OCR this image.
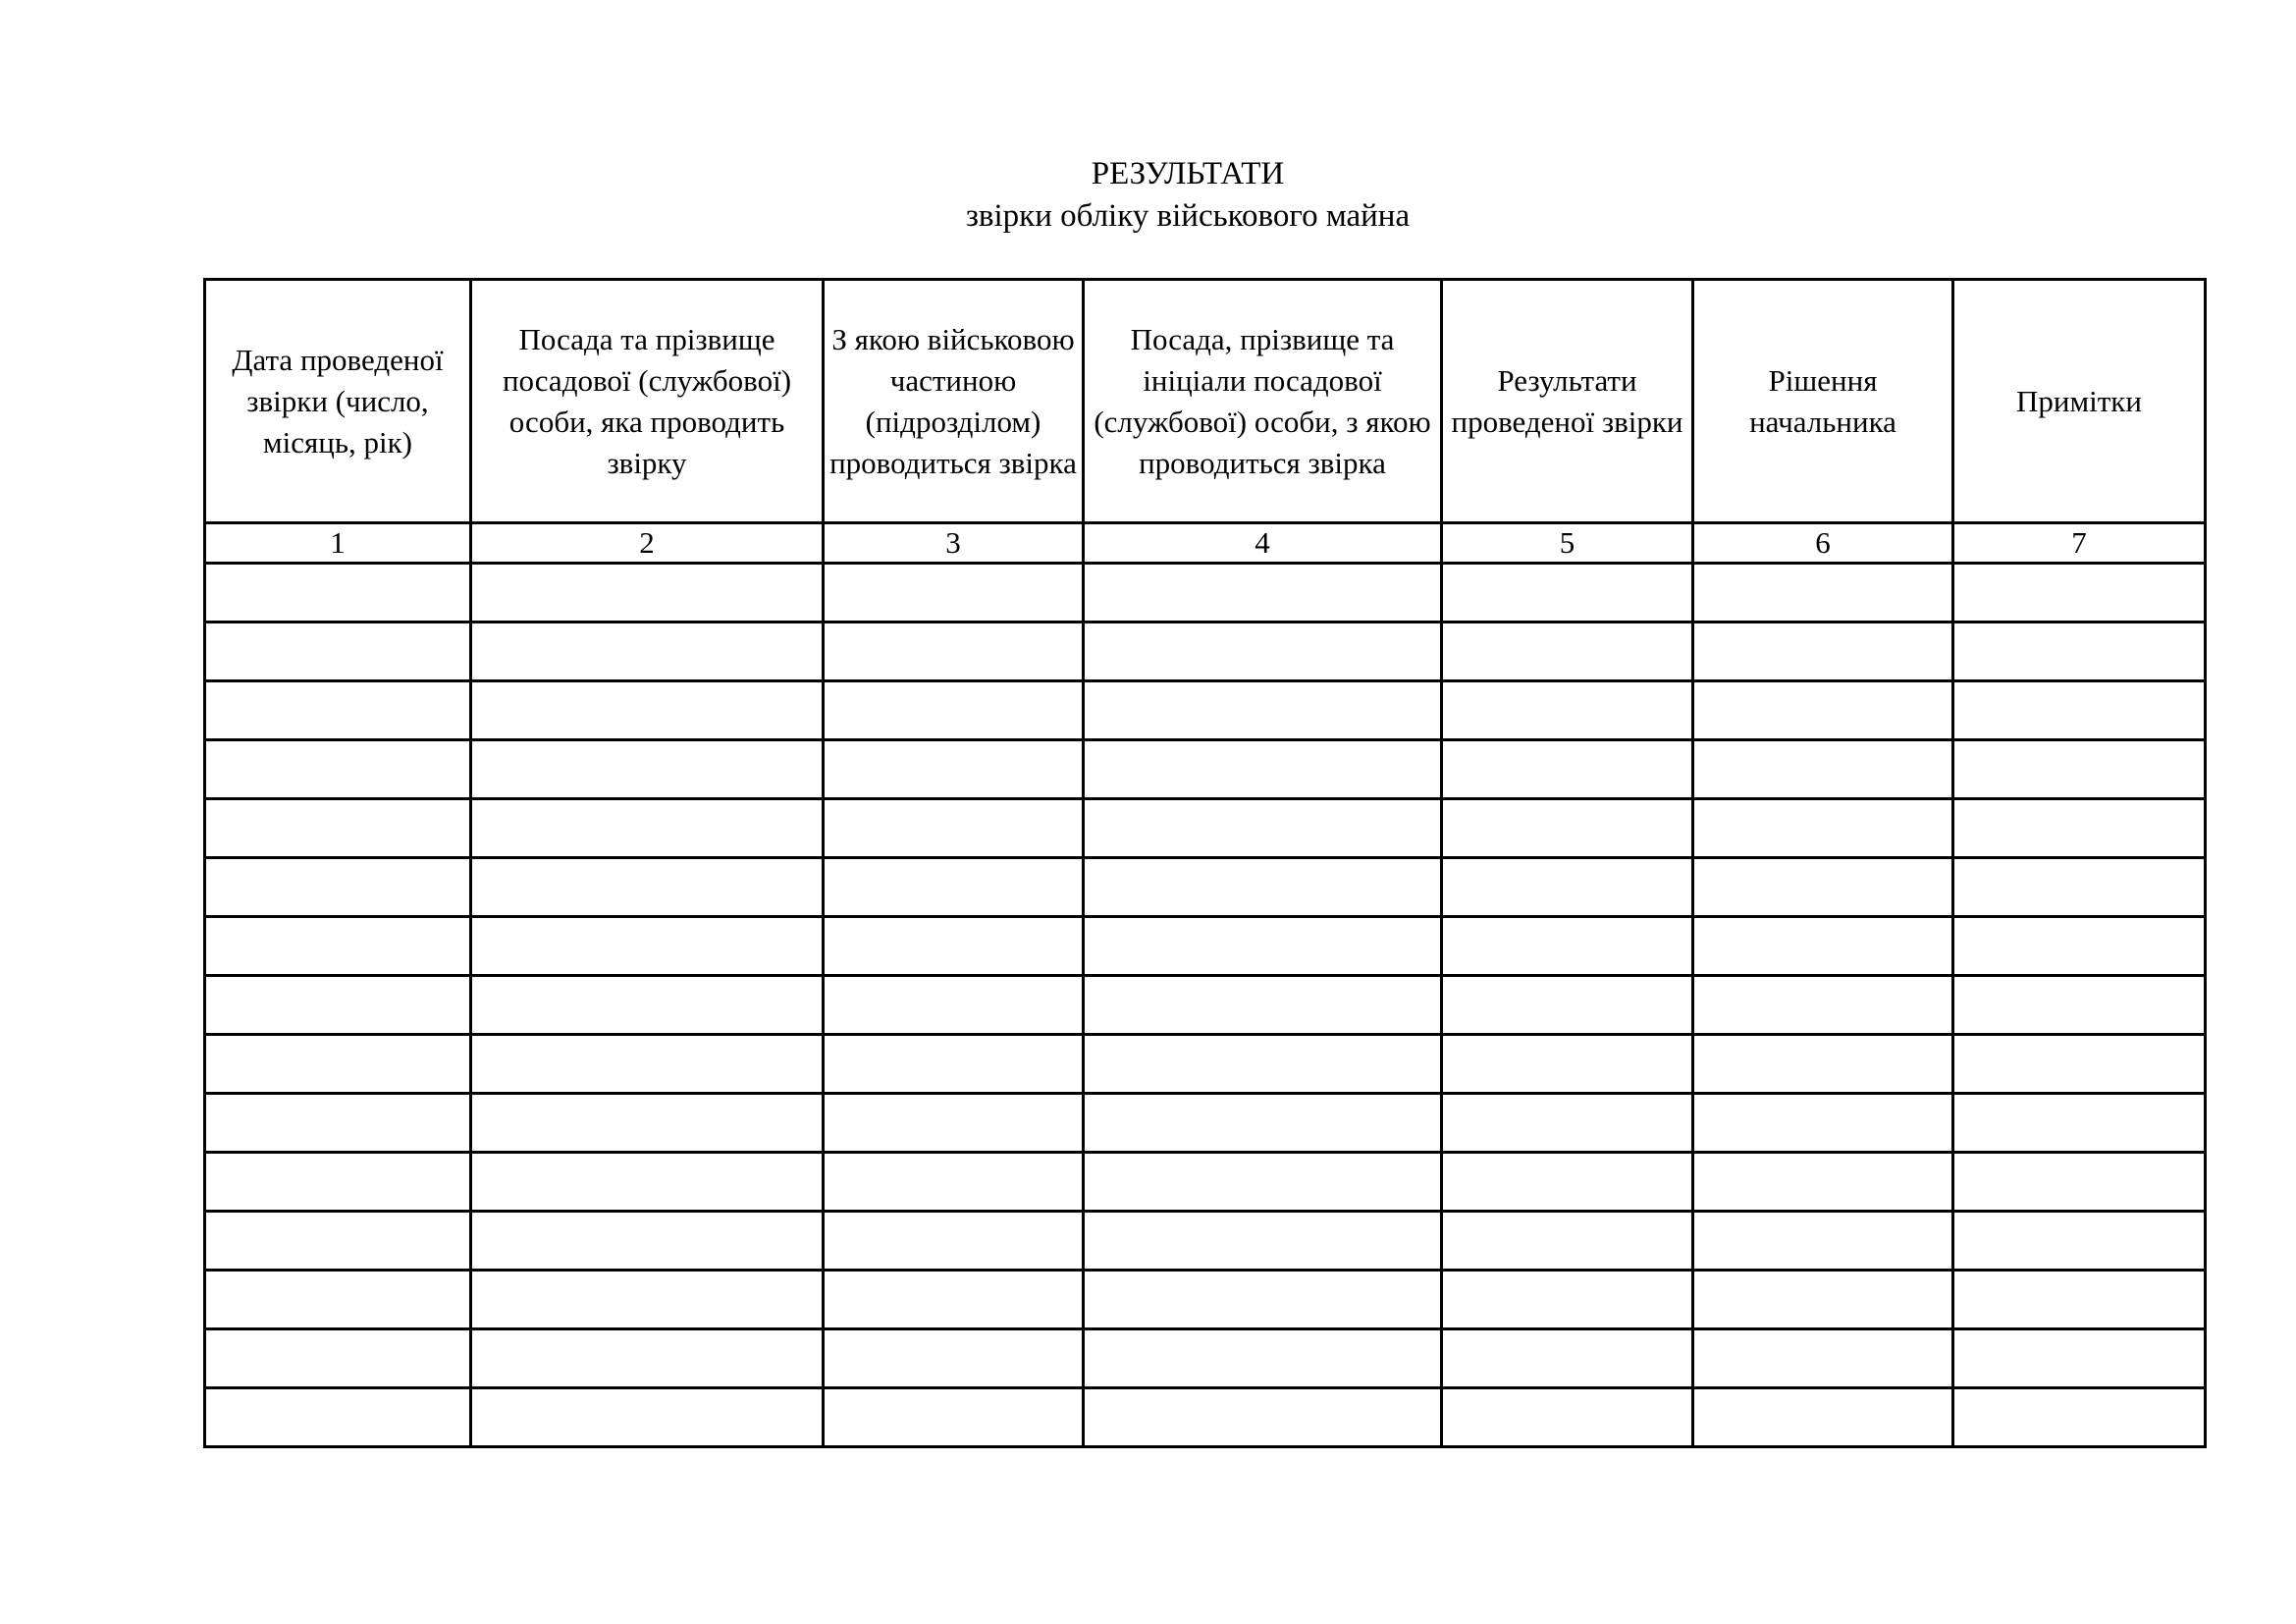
РЕЗУЛЬТАТИ
звірки обліку військового майна
Дата проведеної звірки (число, місяць, рік)	Посада та прізвище посадової (службової) особи, яка проводить звірку	З якою військовою частиною (підрозділом) проводиться звірка	Посада, прізвище та ініціали посадової (службової) особи, з якою проводиться звірка	Результати проведеної звірки	Рішення начальника	Примітки
1	2	3	4	5	6	7
